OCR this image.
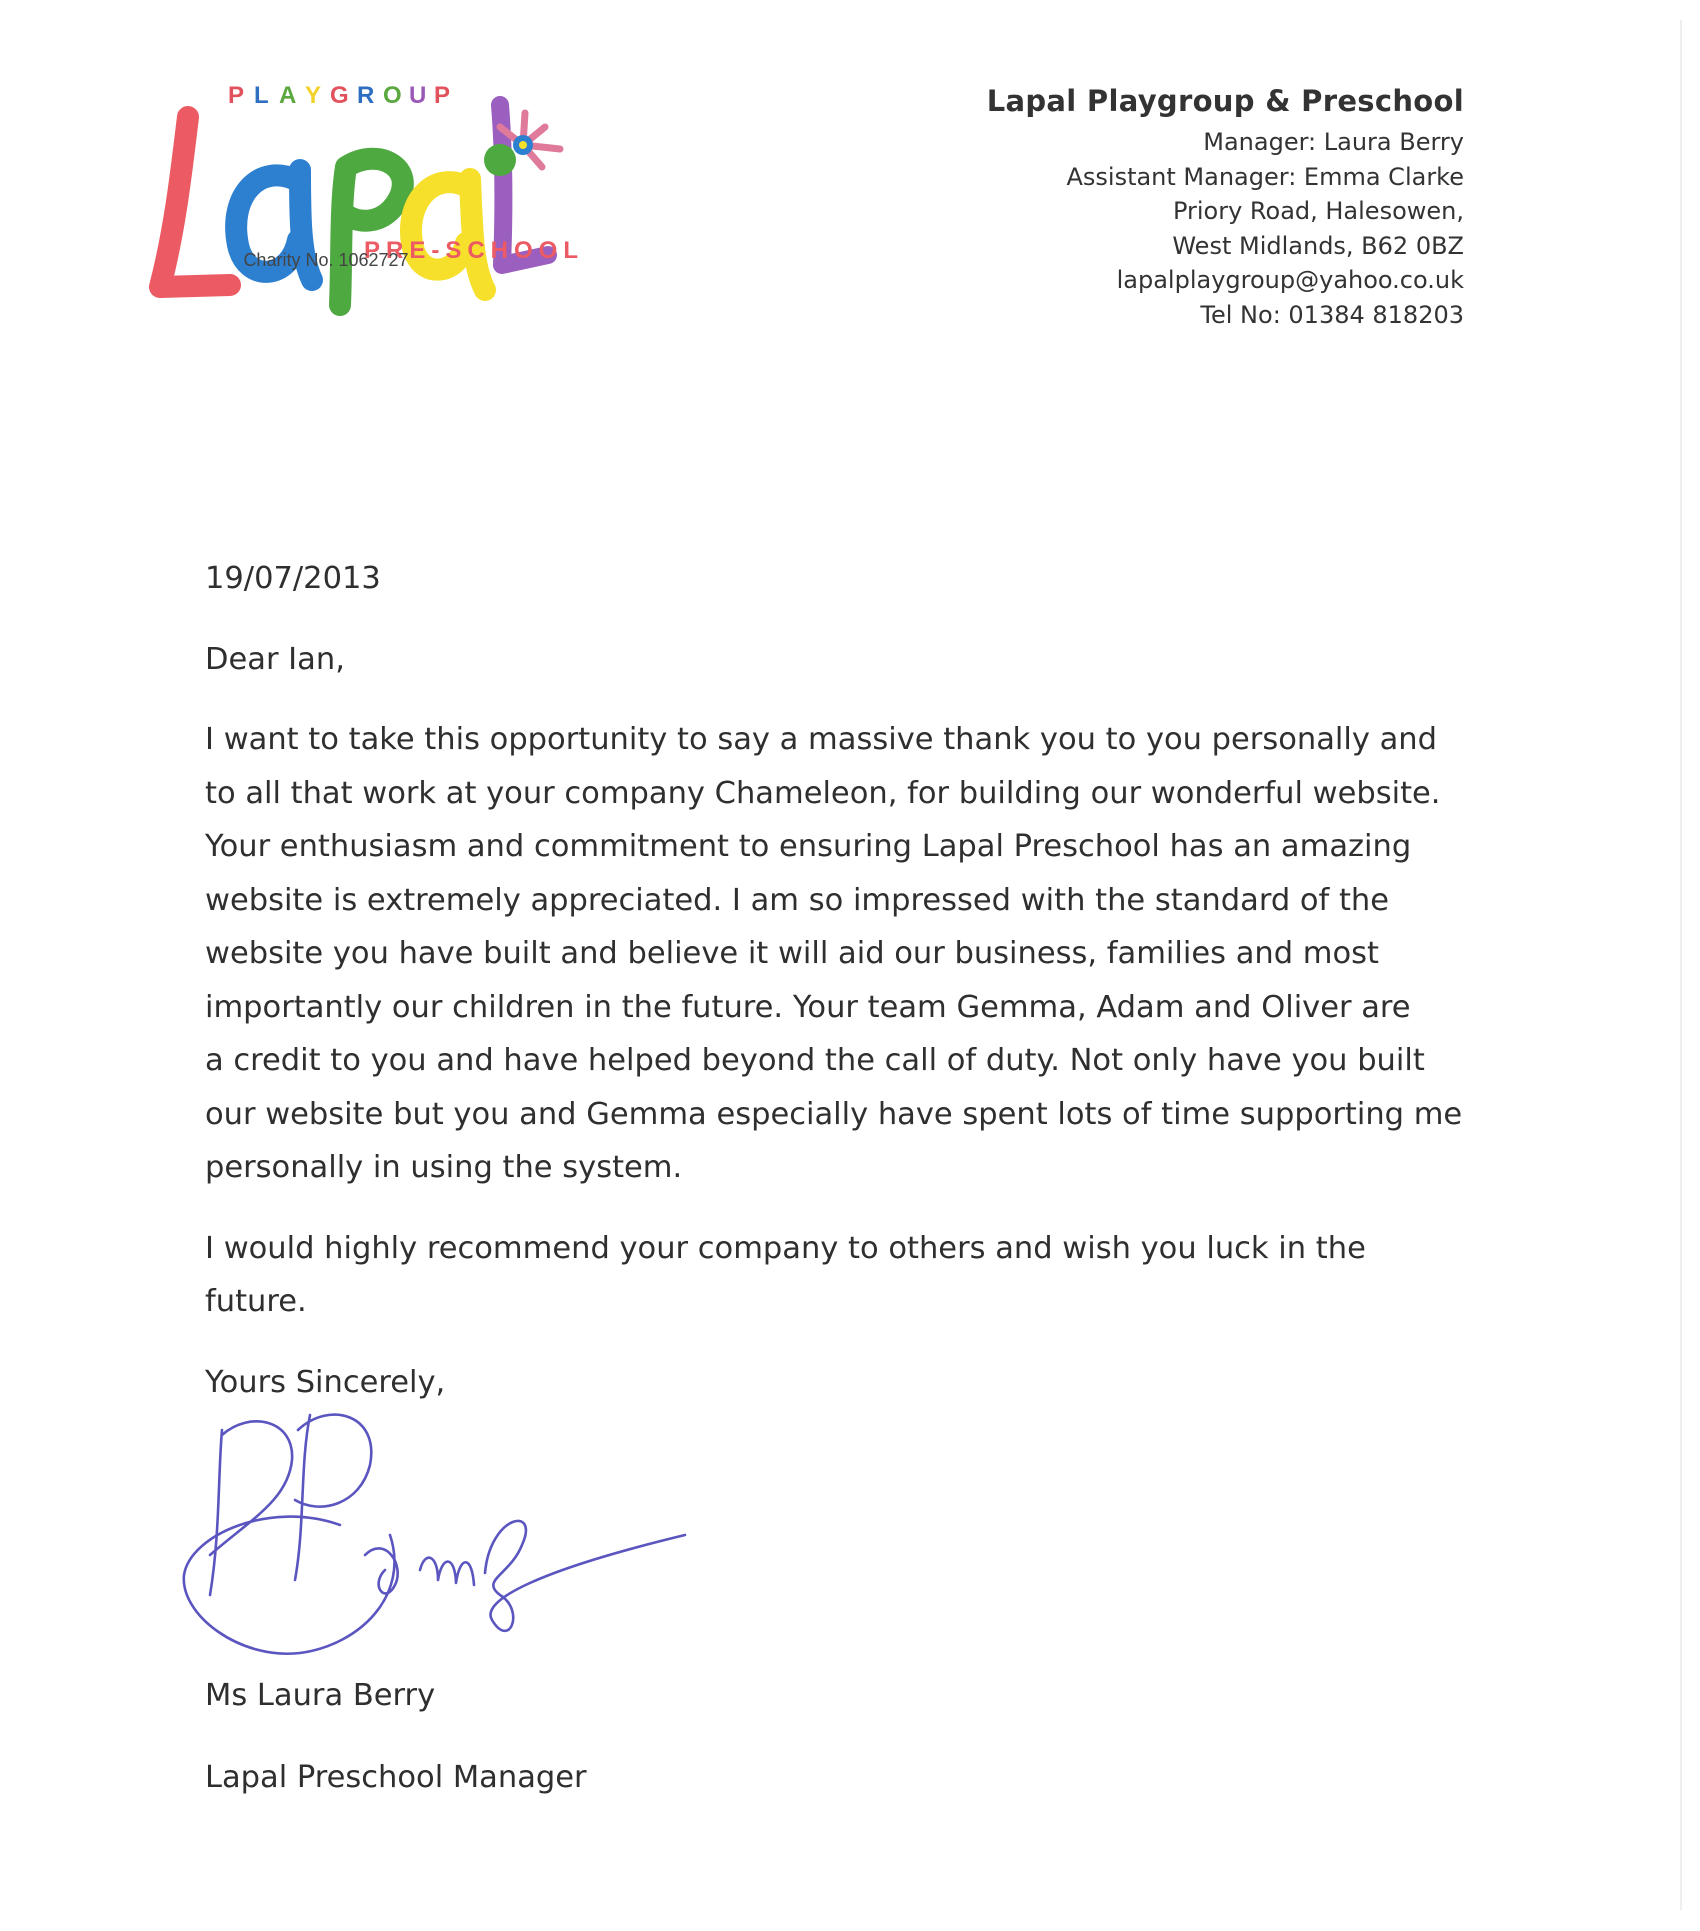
P L A Y G R O U P
PRE-SCHOOL
Charity No. 1062727
Lapal Playgroup & Preschool
Manager: Laura Berry
Assistant Manager: Emma Clarke
Priory Road, Halesowen,
West Midlands, B62 0BZ
lapalplaygroup@yahoo.co.uk
Tel No: 01384 818203
19/07/2013
Dear Ian,
I want to take this opportunity to say a massive thank you to you personally and
to all that work at your company Chameleon, for building our wonderful website.
Your enthusiasm and commitment to ensuring Lapal Preschool has an amazing
website is extremely appreciated. I am so impressed with the standard of the
website you have built and believe it will aid our business, families and most
importantly our children in the future. Your team Gemma, Adam and Oliver are
a credit to you and have helped beyond the call of duty. Not only have you built
our website but you and Gemma especially have spent lots of time supporting me
personally in using the system.
I would highly recommend your company to others and wish you luck in the
future.
Yours Sincerely,
Ms Laura Berry
Lapal Preschool Manager
